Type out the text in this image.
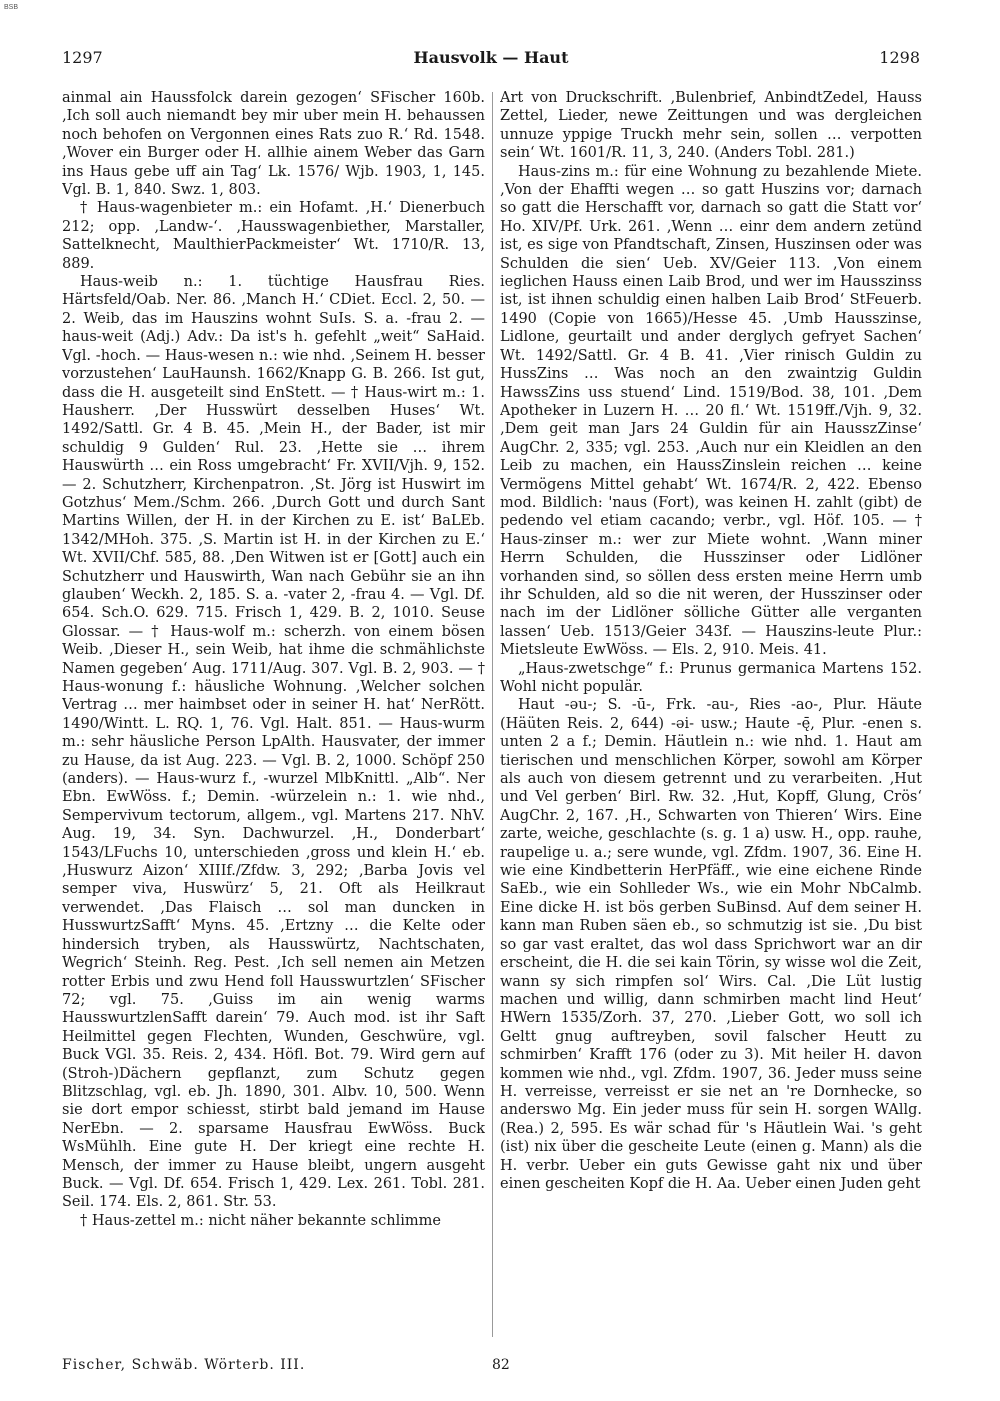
BSB
1297	Hausvolk — Haut	1298

ainmal ain Haussfolck darein gezogen‘ SFischer 160b. ‚Ich soll auch niemandt bey mir uber mein H. behaussen noch behofen on Vergonnen eines Rats zuo R.‘ Rd. 1548. ‚Wover ein Burger oder H. allhie ainem Weber das Garn ins Haus gebe uff ain Tag‘ Lk. 1576/ Wjb. 1903, 1, 145. Vgl. B. 1, 840. Swz. 1, 803.

† Haus-wagenbieter m.: ein Hofamt. ‚H.‘ Dienerbuch 212; opp. ‚Landw-‘. ‚Hausswagenbiether, Marstaller, Sattelknecht, MaulthierPackmeister‘ Wt. 1710/R. 13, 889.

Haus-weib n.: 1. tüchtige Hausfrau Ries. Härtsfeld/Oab. Ner. 86. ‚Manch H.‘ CDiet. Eccl. 2, 50. — 2. Weib, das im Hauszins wohnt SuIs. S. a. -frau 2. — haus-weit (Adj.) Adv.: Da ist's h. gefehlt „weit“ SaHaid. Vgl. -hoch. — Haus-wesen n.: wie nhd. ‚Seinem H. besser vorzustehen‘ LauHaunsh. 1662/Knapp G. B. 266. Ist gut, dass die H. ausgeteilt sind EnStett. — † Haus-wirt m.: 1. Hausherr. ‚Der Husswürt desselben Huses‘ Wt. 1492/Sattl. Gr. 4 B. 45. ‚Mein H., der Bader, ist mir schuldig 9 Gulden‘ Rul. 23. ‚Hette sie … ihrem Hauswürth … ein Ross umgebracht‘ Fr. XVII/Vjh. 9, 152. — 2. Schutzherr, Kirchenpatron. ‚St. Jörg ist Huswirt im Gotzhus‘ Mem./Schm. 266. ‚Durch Gott und durch Sant Martins Willen, der H. in der Kirchen zu E. ist‘ BaLEb. 1342/MHoh. 375. ‚S. Martin ist H. in der Kirchen zu E.‘ Wt. XVII/Chf. 585, 88. ‚Den Witwen ist er [Gott] auch ein Schutzherr und Hauswirth, Wan nach Gebühr sie an ihn glauben‘ Weckh. 2, 185. S. a. -vater 2, -frau 4. — Vgl. Df. 654. Sch.O. 629. 715. Frisch 1, 429. B. 2, 1010. Seuse Glossar. — † Haus-wolf m.: scherzh. von einem bösen Weib. ‚Dieser H., sein Weib, hat ihme die schmählichste Namen gegeben‘ Aug. 1711/Aug. 307. Vgl. B. 2, 903. — † Haus-wonung f.: häusliche Wohnung. ‚Welcher solchen Vertrag … mer haimbset oder in seiner H. hat‘ NerRött. 1490/Wintt. L. RQ. 1, 76. Vgl. Halt. 851. — Haus-wurm m.: sehr häusliche Person LpAlth. Hausvater, der immer zu Hause, da ist Aug. 223. — Vgl. B. 2, 1000. Schöpf 250 (anders). — Haus-wurz f., -wurzel MlbKnittl. „Alb“. Ner Ebn. EwWöss. f.; Demin. -würzelein n.: 1. wie nhd., Sempervivum tectorum, allgem., vgl. Martens 217. NhV. Aug. 19, 34. Syn. Dachwurzel. ‚H., Donderbart‘ 1543/LFuchs 10, unterschieden ‚gross und klein H.‘ eb. ‚Huswurz Aizon‘ XIIIf./Zfdw. 3, 292; ‚Barba Jovis vel semper viva, Huswürz‘ 5, 21. Oft als Heilkraut verwendet. ‚Das Flaisch … sol man duncken in HusswurtzSafft‘ Myns. 45. ‚Ertzny … die Kelte oder hindersich tryben, als Hausswürtz, Nachtschaten, Wegrich‘ Steinh. Reg. Pest. ‚Ich sell nemen ain Metzen rotter Erbis und zwu Hend foll Hausswurtzlen‘ SFischer 72; vgl. 75. ‚Guiss im ain wenig warms HausswurtzlenSafft darein‘ 79. Auch mod. ist ihr Saft Heilmittel gegen Flechten, Wunden, Geschwüre, vgl. Buck VGl. 35. Reis. 2, 434. Höfl. Bot. 79. Wird gern auf (Stroh-)Dächern gepflanzt, zum Schutz gegen Blitzschlag, vgl. eb. Jh. 1890, 301. Albv. 10, 500. Wenn sie dort empor schiesst, stirbt bald jemand im Hause NerEbn. — 2. sparsame Hausfrau EwWöss. Buck WsMühlh. Eine gute H. Der kriegt eine rechte H. Mensch, der immer zu Hause bleibt, ungern ausgeht Buck. — Vgl. Df. 654. Frisch 1, 429. Lex. 261. Tobl. 281. Seil. 174. Els. 2, 861. Str. 53.

† Haus-zettel m.: nicht näher bekannte schlimme

Art von Druckschrift. ‚Bulenbrief, AnbindtZedel, Hauss Zettel, Lieder, newe Zeittungen und was dergleichen unnuze yppige Truckh mehr sein, sollen … verpotten sein‘ Wt. 1601/R. 11, 3, 240. (Anders Tobl. 281.)

Haus-zins m.: für eine Wohnung zu bezahlende Miete. ‚Von der Ehaffti wegen … so gatt Huszins vor; darnach so gatt die Herschafft vor, darnach so gatt die Statt vor‘ Ho. XIV/Pf. Urk. 261. ‚Wenn … einr dem andern zetünd ist, es sige von Pfandtschaft, Zinsen, Huszinsen oder was Schulden die sien‘ Ueb. XV/Geier 113. ‚Von einem ieglichen Hauss einen Laib Brod, und wer im Hausszinss ist, ist ihnen schuldig einen halben Laib Brod‘ StFeuerb. 1490 (Copie von 1665)/Hesse 45. ‚Umb Hausszinse, Lidlone, geurtailt und ander derglych gefryet Sachen‘ Wt. 1492/Sattl. Gr. 4 B. 41. ‚Vier rinisch Guldin zu HussZins … Was noch an den zwaintzig Guldin HawssZins uss stuend‘ Lind. 1519/Bod. 38, 101. ‚Dem Apotheker in Luzern H. … 20 fl.‘ Wt. 1519ff./Vjh. 9, 32. ‚Dem geit man Jars 24 Guldin für ain HausszZinse‘ AugChr. 2, 335; vgl. 253. ‚Auch nur ein Kleidlen an den Leib zu machen, ein HaussZinslein reichen … keine Vermögens Mittel gehabt‘ Wt. 1674/R. 2, 422. Ebenso mod. Bildlich: 'naus (Fort), was keinen H. zahlt (gibt) de pedendo vel etiam cacando; verbr., vgl. Höf. 105. — † Haus-zinser m.: wer zur Miete wohnt. ‚Wann miner Herrn Schulden, die Husszinser oder Lidlöner vorhanden sind, so söllen dess ersten meine Herrn umb ihr Schulden, ald so die nit weren, der Husszinser oder nach im der Lidlöner sölliche Gütter alle verganten lassen‘ Ueb. 1513/Geier 343f. — Hauszins-leute Plur.: Mietsleute EwWöss. — Els. 2, 910. Meis. 41.

„Haus-zwetschge“ f.: Prunus germanica Martens 152. Wohl nicht populär.

Haut -əu-; S. -ū-, Frk. -au-, Ries -ao-, Plur. Häute (Häüten Reis. 2, 644) -əi- usw.; Haute -ę̄, Plur. -enen s. unten 2 a f.; Demin. Häutlein n.: wie nhd. 1. Haut am tierischen und menschlichen Körper, sowohl am Körper als auch von diesem getrennt und zu verarbeiten. ‚Hut und Vel gerben‘ Birl. Rw. 32. ‚Hut, Kopff, Glung, Crös‘ AugChr. 2, 167. ‚H., Schwarten von Thieren‘ Wirs. Eine zarte, weiche, geschlachte (s. g. 1 a) usw. H., opp. rauhe, raupelige u. a.; sere wunde, vgl. Zfdm. 1907, 36. Eine H. wie eine Kindbetterin HerPfäff., wie eine eichene Rinde SaEb., wie ein Sohlleder Ws., wie ein Mohr NbCalmb. Eine dicke H. ist bös gerben SuBinsd. Auf dem seiner H. kann man Ruben säen eb., so schmutzig ist sie. ‚Du bist so gar vast eraltet, das wol dass Sprichwort war an dir erscheint, die H. die sei kain Törin, sy wisse wol die Zeit, wann sy sich rimpfen sol‘ Wirs. Cal. ‚Die Lüt lustig machen und willig, dann schmirben macht lind Heut‘ HWern 1535/Zorh. 37, 270. ‚Lieber Gott, wo soll ich Geltt gnug auftreyben, sovil falscher Heutt zu schmirben‘ Krafft 176 (oder zu 3). Mit heiler H. davon kommen wie nhd., vgl. Zfdm. 1907, 36. Jeder muss seine H. verreisse, verreisst er sie net an 're Dornhecke, so anderswo Mg. Ein jeder muss für sein H. sorgen WAllg. (Rea.) 2, 595. Es wär schad für 's Häutlein Wai. 's geht (ist) nix über die gescheite Leute (einen g. Mann) als die H. verbr. Ueber ein guts Gewisse gaht nix und über einen gescheiten Kopf die H. Aa. Ueber einen Juden geht

Fischer, Schwäb. Wörterb. III.	82
